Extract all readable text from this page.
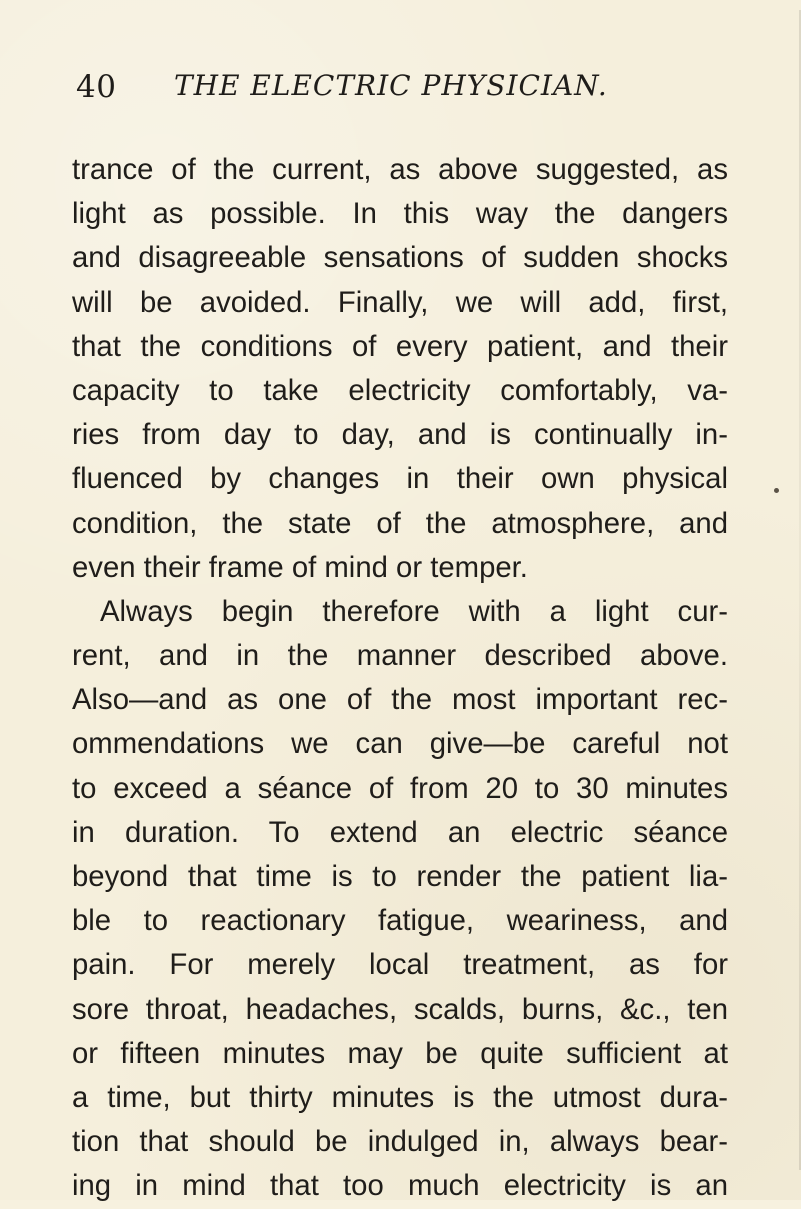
40 THE ELECTRIC PHYSICIAN.
trance of the current, as above suggested, as
light as possible. In this way the dangers
and disagreeable sensations of sudden shocks
will be avoided. Finally, we will add, first,
that the conditions of every patient, and their
capacity to take electricity comfortably, va-
ries from day to day, and is continually in-
fluenced by changes in their own physical
condition, the state of the atmosphere, and
even their frame of mind or temper.
Always begin therefore with a light cur-
rent, and in the manner described above.
Also—and as one of the most important rec-
ommendations we can give—be careful not
to exceed a séance of from 20 to 30 minutes
in duration. To extend an electric séance
beyond that time is to render the patient lia-
ble to reactionary fatigue, weariness, and
pain. For merely local treatment, as for
sore throat, headaches, scalds, burns, &c., ten
or fifteen minutes may be quite sufficient at
a time, but thirty minutes is the utmost dura-
tion that should be indulged in, always bear-
ing in mind that too much electricity is an
